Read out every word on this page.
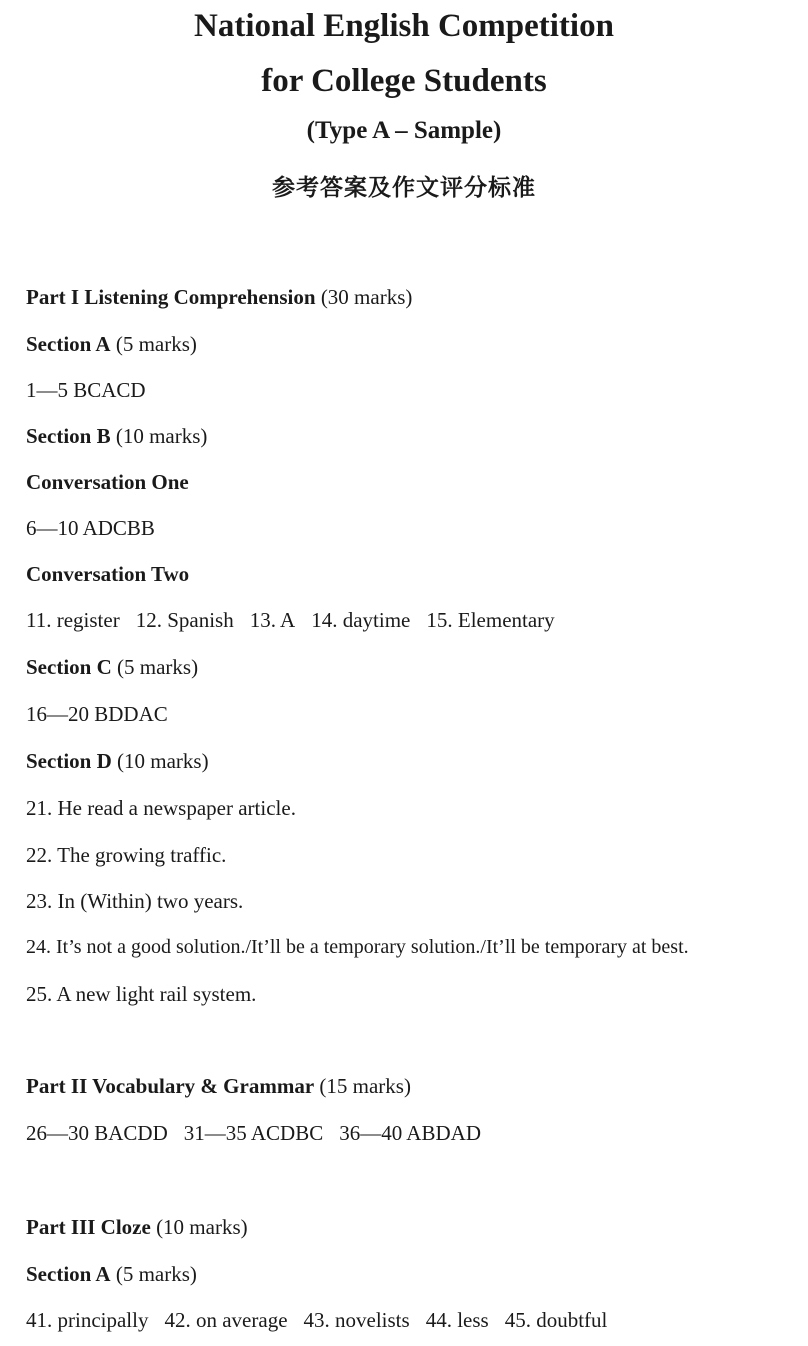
National English Competition
for College Students
(Type A – Sample)
参考答案及作文评分标准
Part I Listening Comprehension (30 marks)
Section A (5 marks)
1—5 BCACD
Section B (10 marks)
Conversation One
6—10 ADCBB
Conversation Two
11. register 12. Spanish 13. A 14. daytime 15. Elementary
Section C (5 marks)
16—20 BDDAC
Section D (10 marks)
21. He read a newspaper article.
22. The growing traffic.
23. In (Within) two years.
24. It’s not a good solution./It’ll be a temporary solution./It’ll be temporary at best.
25. A new light rail system.
Part II Vocabulary & Grammar (15 marks)
26—30 BACDD 31—35 ACDBC 36—40 ABDAD
Part III Cloze (10 marks)
Section A (5 marks)
41. principally 42. on average 43. novelists 44. less 45. doubtful
